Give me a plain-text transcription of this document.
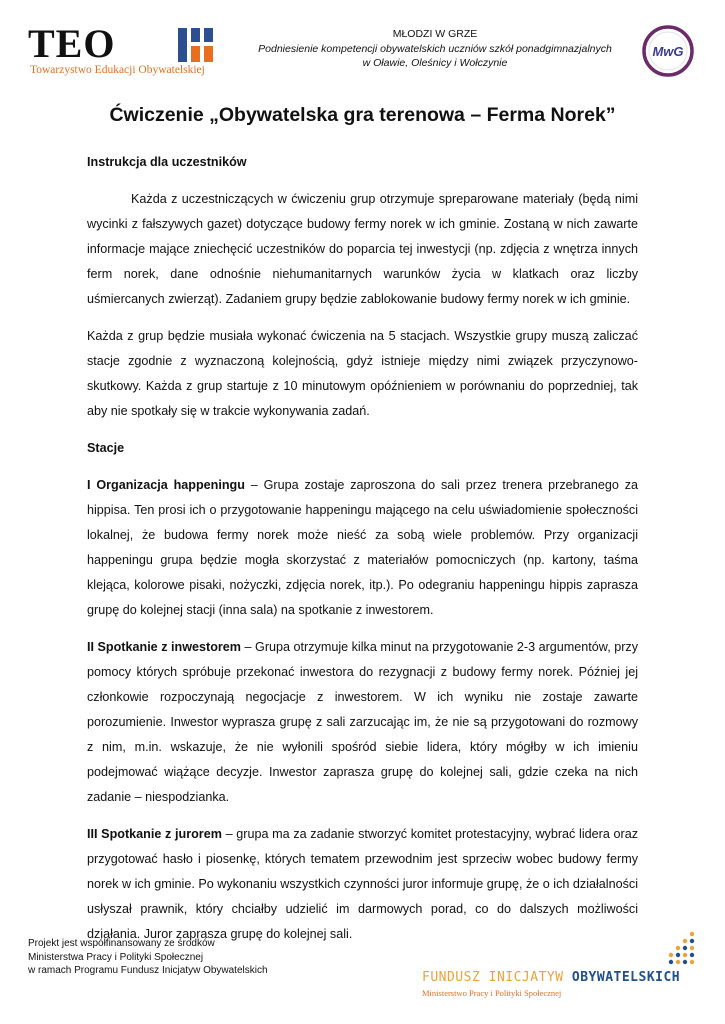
TEO
Towarzystwo Edukacji Obywatelskiej
MŁODZI W GRZE
Podniesienie kompetencji obywatelskich uczniów szkół ponadgimnazjalnych
w Oławie, Oleśnicy i Wołczynie
MwG
Ćwiczenie „Obywatelska gra terenowa – Ferma Norek”

Instrukcja dla uczestników

Każda z uczestniczących w ćwiczeniu grup otrzymuje spreparowane materiały (będą nimi wycinki z fałszywych gazet) dotyczące budowy fermy norek w ich gminie. Zostaną w nich zawarte informacje mające zniechęcić uczestników do poparcia tej inwestycji (np. zdjęcia z wnętrza innych ferm norek, dane odnośnie niehumanitarnych warunków życia w klatkach oraz liczby uśmiercanych zwierząt). Zadaniem grupy będzie zablokowanie budowy fermy norek w ich gminie.

Każda z grup będzie musiała wykonać ćwiczenia na 5 stacjach. Wszystkie grupy muszą zaliczać stacje zgodnie z wyznaczoną kolejnością, gdyż istnieje między nimi związek przyczynowo-skutkowy. Każda z grup startuje z 10 minutowym opóźnieniem w porównaniu do poprzedniej, tak aby nie spotkały się w trakcie wykonywania zadań.

Stacje

I Organizacja happeningu – Grupa zostaje zaproszona do sali przez trenera przebranego za hippisa. Ten prosi ich o przygotowanie happeningu mającego na celu uświadomienie społeczności lokalnej, że budowa fermy norek może nieść za sobą wiele problemów. Przy organizacji happeningu grupa będzie mogła skorzystać z materiałów pomocniczych (np. kartony, taśma klejąca, kolorowe pisaki, nożyczki, zdjęcia norek, itp.). Po odegraniu happeningu hippis zaprasza grupę do kolejnej stacji (inna sala) na spotkanie z inwestorem.

II Spotkanie z inwestorem – Grupa otrzymuje kilka minut na przygotowanie 2-3 argumentów, przy pomocy których spróbuje przekonać inwestora do rezygnacji z budowy fermy norek. Później jej członkowie rozpoczynają negocjacje z inwestorem. W ich wyniku nie zostaje zawarte porozumienie. Inwestor wyprasza grupę z sali zarzucając im, że nie są przygotowani do rozmowy z nim, m.in. wskazuje, że nie wyłonili spośród siebie lidera, który mógłby w ich imieniu podejmować wiążące decyzje. Inwestor zaprasza grupę do kolejnej sali, gdzie czeka na nich zadanie – niespodzianka.

III Spotkanie z jurorem – grupa ma za zadanie stworzyć komitet protestacyjny, wybrać lidera oraz przygotować hasło i piosenkę, których tematem przewodnim jest sprzeciw wobec budowy fermy norek w ich gminie. Po wykonaniu wszystkich czynności juror informuje grupę, że o ich działalności usłyszał prawnik, który chciałby udzielić im darmowych porad, co do dalszych możliwości działania. Juror zaprasza grupę do kolejnej sali.

Projekt jest współfinansowany ze środków
Ministerstwa Pracy i Polityki Społecznej
w ramach Programu Fundusz Inicjatyw Obywatelskich	FUNDUSZ INICJATYW OBYWATELSKICH
Ministerstwo Pracy i Polityki Społecznej
